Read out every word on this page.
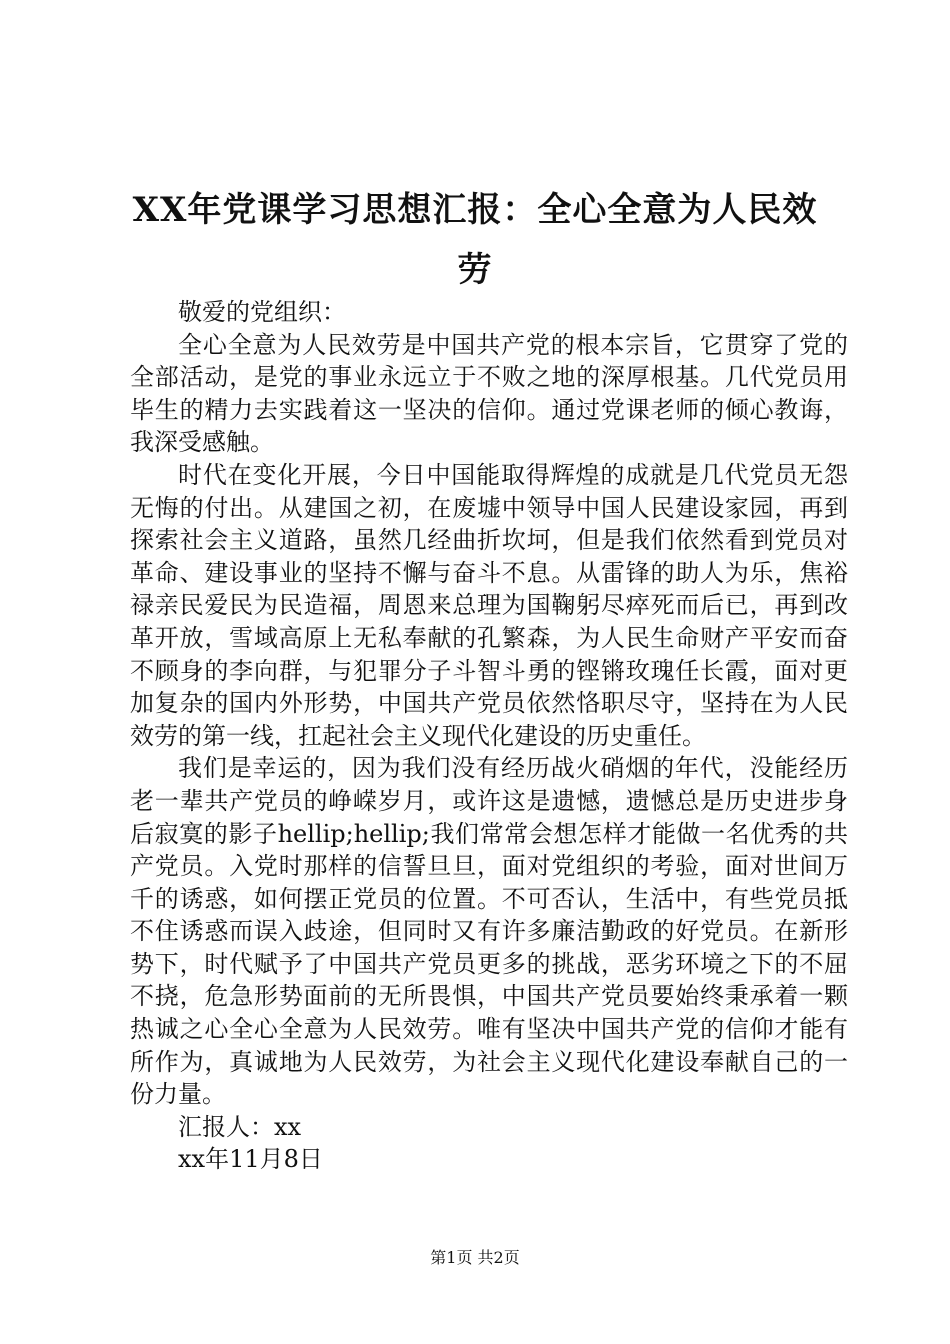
XX年党课学习思想汇报：全心全意为人民效劳

敬爱的党组织：

全心全意为人民效劳是中国共产党的根本宗旨，它贯穿了党的全部活动，是党的事业永远立于不败之地的深厚根基。几代党员用毕生的精力去实践着这一坚决的信仰。通过党课老师的倾心教诲，我深受感触。

时代在变化开展，今日中国能取得辉煌的成就是几代党员无怨无悔的付出。从建国之初，在废墟中领导中国人民建设家园，再到探索社会主义道路，虽然几经曲折坎坷，但是我们依然看到党员对革命、建设事业的坚持不懈与奋斗不息。从雷锋的助人为乐，焦裕禄亲民爱民为民造福，周恩来总理为国鞠躬尽瘁死而后已，再到改革开放，雪域高原上无私奉献的孔繁森，为人民生命财产平安而奋不顾身的李向群，与犯罪分子斗智斗勇的铿锵玫瑰任长霞，面对更加复杂的国内外形势，中国共产党员依然恪职尽守，坚持在为人民效劳的第一线，扛起社会主义现代化建设的历史重任。

我们是幸运的，因为我们没有经历战火硝烟的年代，没能经历老一辈共产党员的峥嵘岁月，或许这是遗憾，遗憾总是历史进步身后寂寞的影子hellip;hellip;我们常常会想怎样才能做一名优秀的共产党员。入党时那样的信誓旦旦，面对党组织的考验，面对世间万千的诱惑，如何摆正党员的位置。不可否认，生活中，有些党员抵不住诱惑而误入歧途，但同时又有许多廉洁勤政的好党员。在新形势下，时代赋予了中国共产党员更多的挑战，恶劣环境之下的不屈不挠，危急形势面前的无所畏惧，中国共产党员要始终秉承着一颗热诚之心全心全意为人民效劳。唯有坚决中国共产党的信仰才能有所作为，真诚地为人民效劳，为社会主义现代化建设奉献自己的一份力量。

汇报人：xx

xx年11月8日

第1页 共2页
